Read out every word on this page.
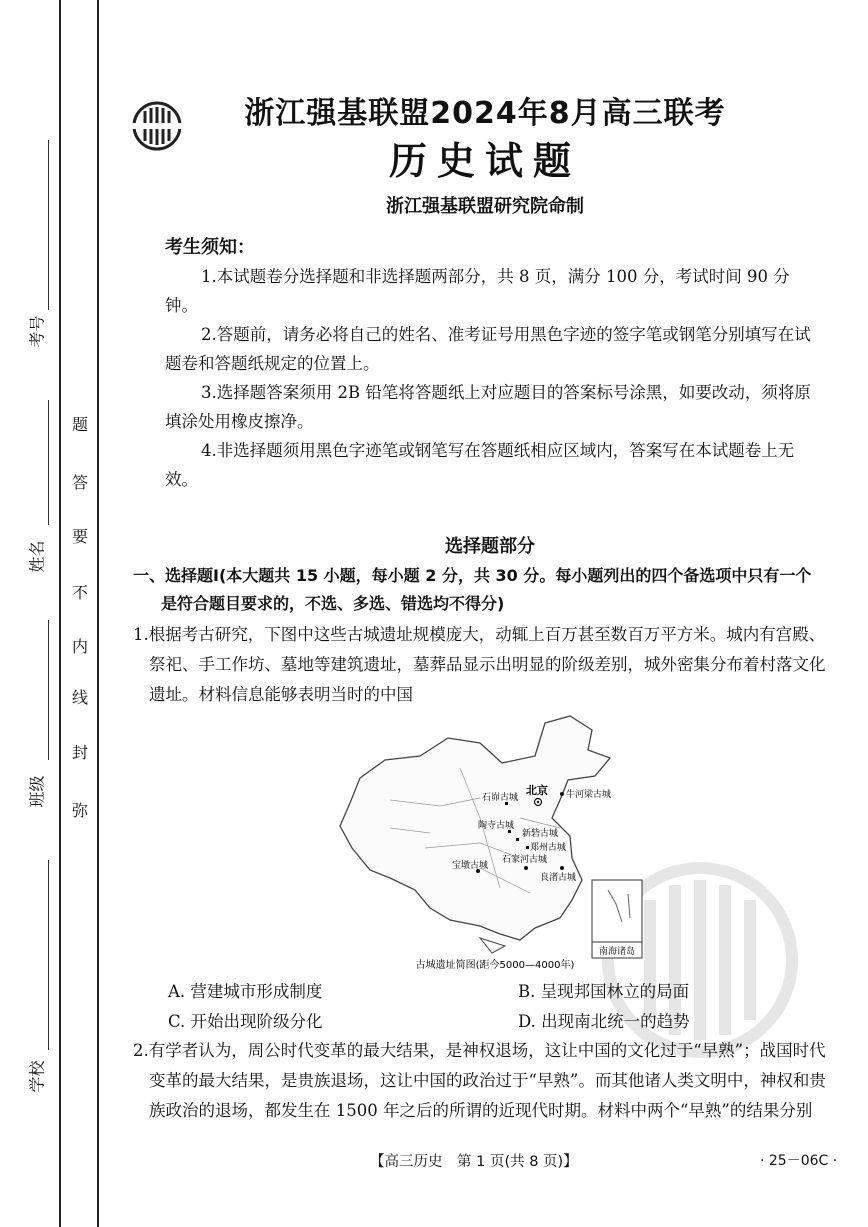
考号
姓名
班级
学校
弥
封
线
内
不
要
答
题
浙江强基联盟2024年8月高三联考
历史试题
浙江强基联盟研究院命制
考生须知：

1.本试题卷分选择题和非选择题两部分，共 8 页，满分 100 分，考试时间 90 分钟。

2.答题前，请务必将自己的姓名、准考证号用黑色字迹的签字笔或钢笔分别填写在试题卷和答题纸规定的位置上。

3.选择题答案须用 2B 铅笔将答题纸上对应题目的答案标号涂黑，如要改动，须将原填涂处用橡皮擦净。

4.非选择题须用黑色字迹笔或钢笔写在答题纸相应区域内，答案写在本试题卷上无效。

选择题部分
一、选择题Ⅰ(本大题共 15 小题，每小题 2 分，共 30 分。每小题列出的四个备选项中只有一个
是符合题目要求的，不选、多选、错选均不得分)
1.根据考古研究，下图中这些古城遗址规模庞大，动辄上百万甚至数百万平方米。城内有宫殿、
祭祀、手工作坊、墓地等建筑遗址，墓葬品显示出明显的阶级差别，城外密集分布着村落文化
遗址。材料信息能够表明当时的中国
南海诸岛
北京 牛河梁古城
石峁古城
陶寺古城
新砦古城
郑州古城
宝墩古城
石家河古城
良渚古城
古城遗址简图(距今5000—4000年)
A. 营建城市形成制度	B. 呈现邦国林立的局面
C. 开始出现阶级分化	D. 出现南北统一的趋势
2.有学者认为，周公时代变革的最大结果，是神权退场，这让中国的文化过于“早熟”；战国时代
变革的最大结果，是贵族退场，这让中国的政治过于“早熟”。而其他诸人类文明中，神权和贵
族政治的退场，都发生在 1500 年之后的所谓的近现代时期。材料中两个“早熟”的结果分别
【高三历史　第 1 页(共 8 页)】	· 25－06C ·
